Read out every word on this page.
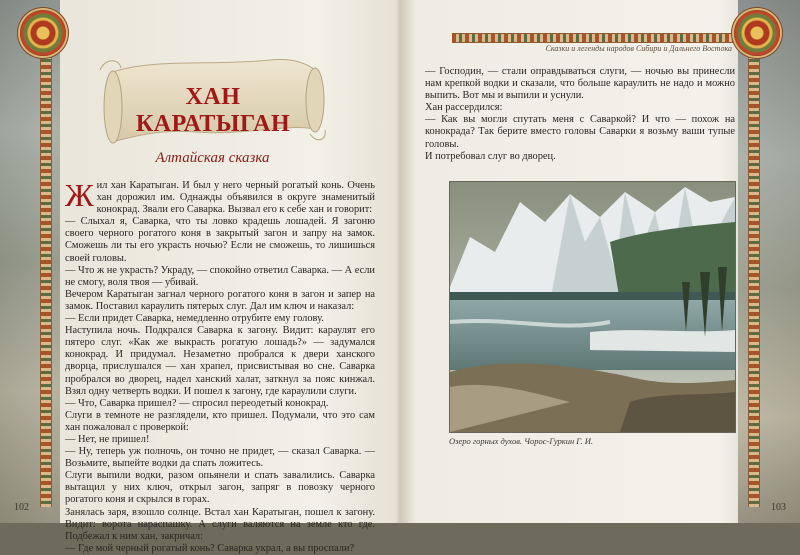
ХАН КАРАТЫГАН
Алтайская сказка

Жил хан Каратыган. И был у него черный рогатый конь. Очень хан дорожил им. Однажды объявился в округе знаменитый конокрад. Звали его Саварка. Вызвал его к себе хан и говорит:

— Слыхал я, Саварка, что ты ловко крадешь лошадей. Я загоню своего черного рогатого коня в закрытый загон и запру на замок. Сможешь ли ты его украсть ночью? Если не сможешь, то лишишься своей головы.

— Что ж не украсть? Украду, — спокойно ответил Саварка. — А если не смогу, воля твоя — убивай.

Вечером Каратыган загнал черного рогатого коня в загон и запер на замок. Поставил караулить пятерых слуг. Дал им ключ и наказал:

— Если придет Саварка, немедленно отрубите ему голову.

Наступила ночь. Подкрался Саварка к загону. Видит: караулят его пятеро слуг. «Как же выкрасть рогатую лошадь?» — задумался конокрад. И придумал. Незаметно пробрался к двери ханского дворца, прислушался — хан храпел, присвистывая во сне. Саварка пробрался во дворец, надел ханский халат, заткнул за пояс кинжал. Взял одну четверть водки. И пошел к загону, где караулили слуги.

— Что, Саварка пришел? — спросил переодетый конокрад.

Слуги в темноте не разглядели, кто пришел. Подумали, что это сам хан пожаловал с проверкой:

— Нет, не пришел!

— Ну, теперь уж полночь, он точно не придет, — сказал Саварка. — Возьмите, выпейте водки да спать ложитесь.

Слуги выпили водки, разом опьянели и спать завалились. Саварка вытащил у них ключ, открыл загон, запряг в повозку черного рогатого коня и скрылся в горах.

Занялась заря, взошло солнце. Встал хан Каратыган, пошел к загону. Видит: ворота нараспашку. А слуги валяются на земле кто где. Подбежал к ним хан, закричал:

— Где мой черный рогатый конь? Саварка украл, а вы проспали?

102
Сказки и легенды народов Сибири и Дальнего Востока

— Господин, — стали оправдываться слуги, — ночью вы принесли нам крепкой водки и сказали, что больше караулить не надо и можно выпить. Вот мы и выпили и уснули.

Хан рассердился:

— Как вы могли спутать меня с Саваркой? И что — похож на конокрада? Так берите вместо головы Саварки я возьму ваши тупые головы.

И потребовал слуг во дворец.

Озеро горных духов. Чорос-Гуркин Г. И.
103
